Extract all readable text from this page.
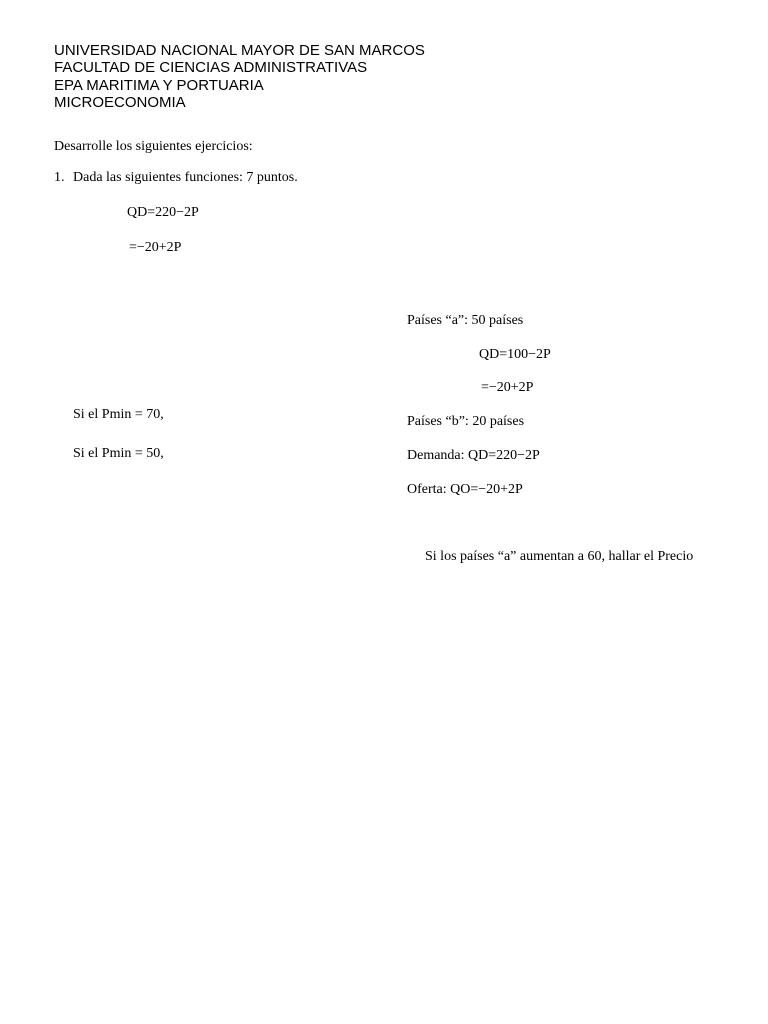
UNIVERSIDAD NACIONAL MAYOR DE SAN MARCOS
FACULTAD DE CIENCIAS ADMINISTRATIVAS
EPA MARITIMA Y PORTUARIA
MICROECONOMIA
Desarrolle los siguientes ejercicios:
1. Dada las siguientes funciones: 7 puntos.
QD=220−2P
=−20+2P
Si el Pmin = 70,
Si el Pmin = 50,
Países “a”: 50 países
QD=100−2P
=−20+2P
Países “b”: 20 países
Demanda: QD=220−2P
Oferta: QO=−20+2P
Si los países “a” aumentan a 60, hallar el Precio
